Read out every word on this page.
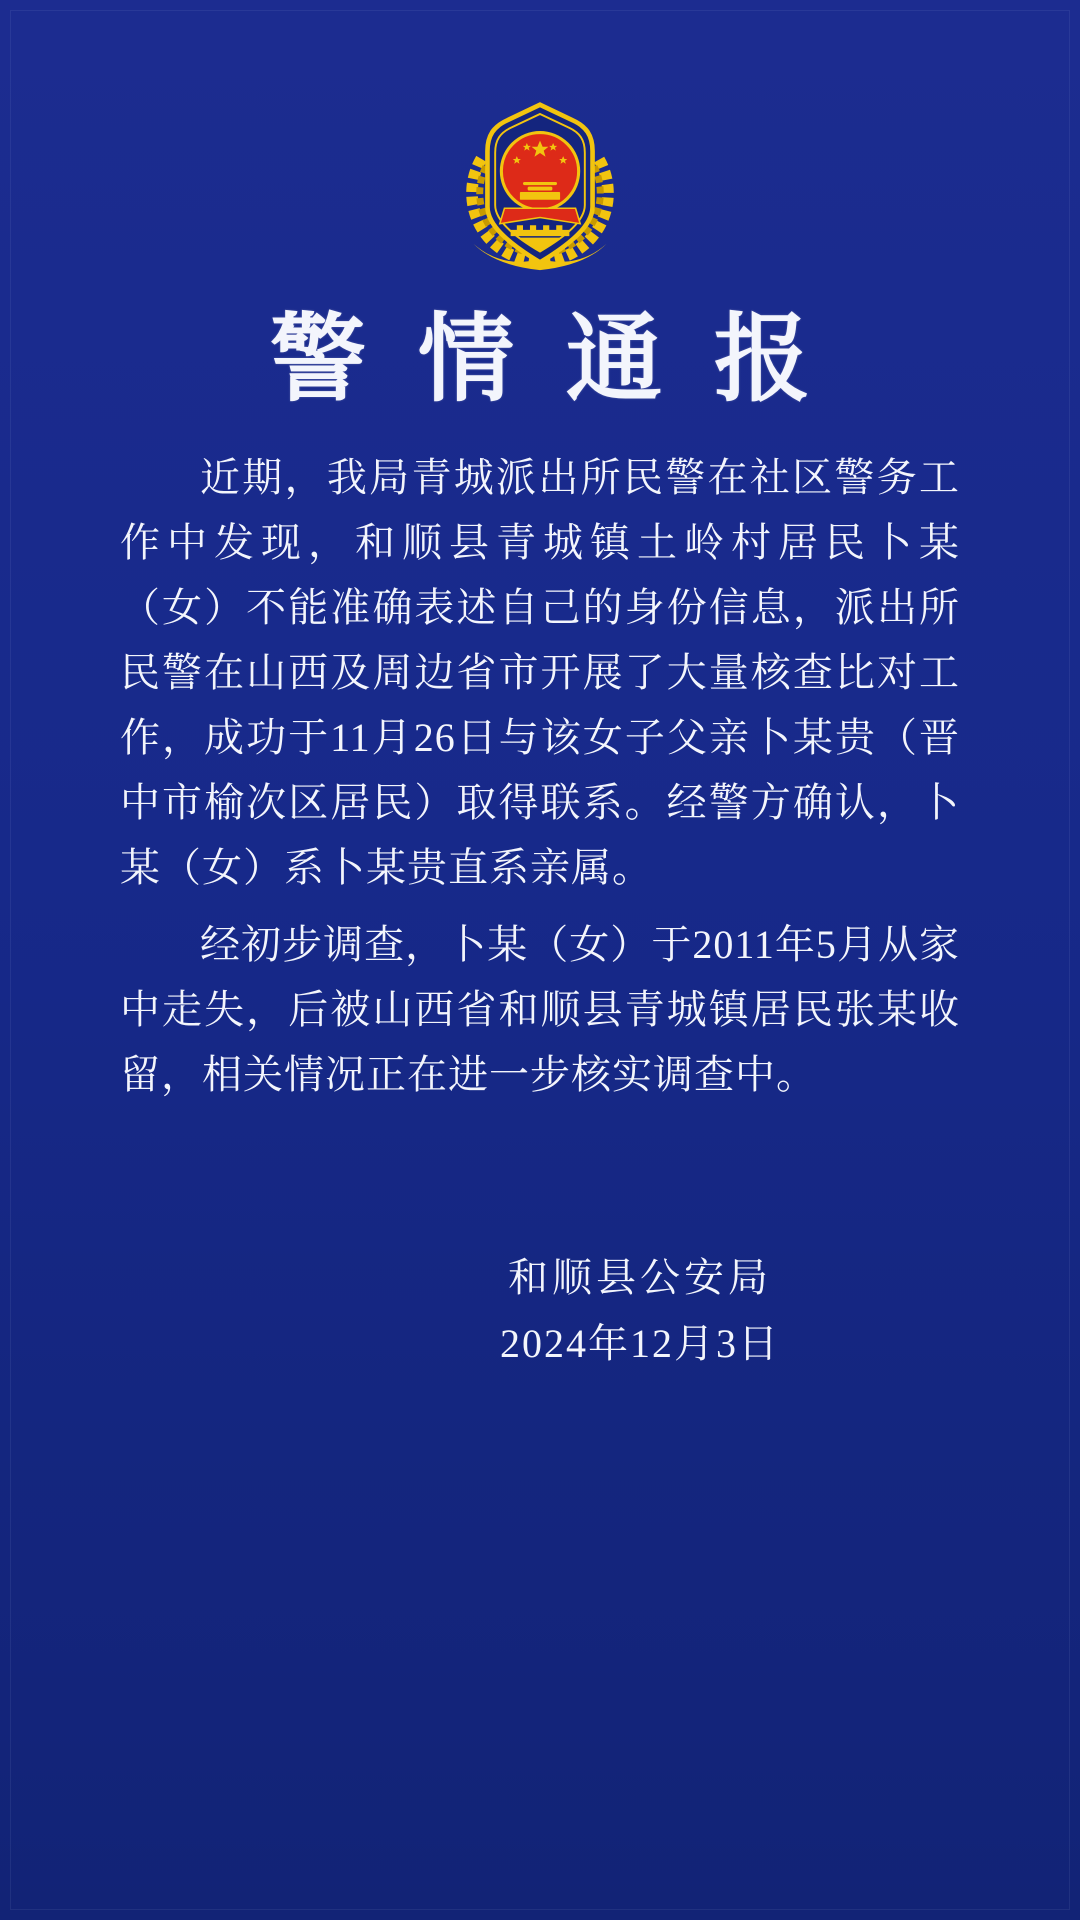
警情通报

近期，我局青城派出所民警在社区警务工作中发现，和顺县青城镇土岭村居民卜某（女）不能准确表述自己的身份信息，派出所民警在山西及周边省市开展了大量核查比对工作，成功于11月26日与该女子父亲卜某贵（晋中市榆次区居民）取得联系。经警方确认，卜某（女）系卜某贵直系亲属。

经初步调查，卜某（女）于2011年5月从家中走失，后被山西省和顺县青城镇居民张某收留，相关情况正在进一步核实调查中。

和顺县公安局
2024年12月3日
